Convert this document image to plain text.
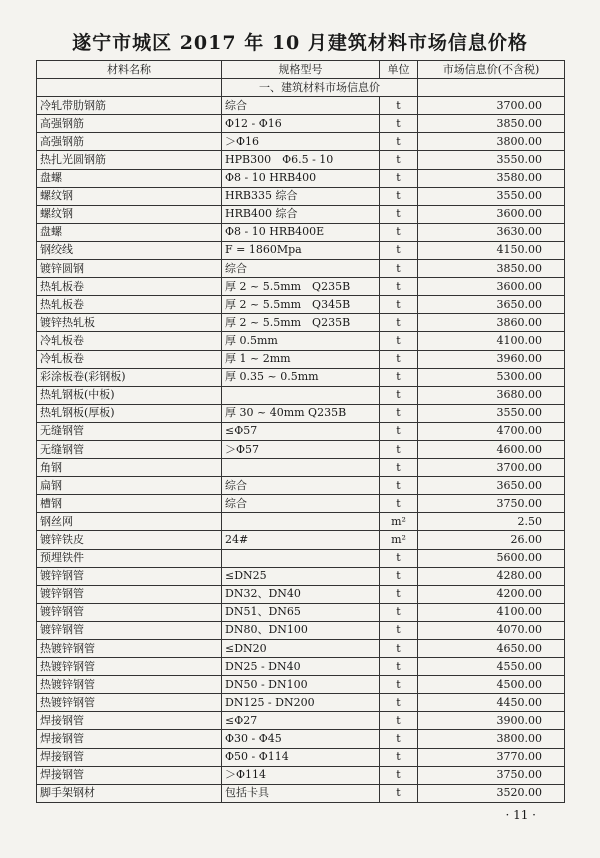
遂宁市城区 2017 年 10 月建筑材料市场信息价格
材料名称	规格型号	单位	市场信息价(不含税)
	一、建筑材料市场信息价		
冷轧带肋钢筋	综合	t	3700.00
高强钢筋	Φ12 - Φ16	t	3850.00
高强钢筋	＞Φ16	t	3800.00
热扎光圆钢筋	HPB300　Φ6.5 - 10	t	3550.00
盘螺	Φ8 - 10 HRB400	t	3580.00
螺纹钢	HRB335 综合	t	3550.00
螺纹钢	HRB400 综合	t	3600.00
盘螺	Φ8 - 10 HRB400E	t	3630.00
钢绞线	F = 1860Mpa	t	4150.00
镀锌圆钢	综合	t	3850.00
热轧板卷	厚 2 ~ 5.5mm　Q235B	t	3600.00
热轧板卷	厚 2 ~ 5.5mm　Q345B	t	3650.00
镀锌热轧板	厚 2 ~ 5.5mm　Q235B	t	3860.00
冷轧板卷	厚 0.5mm	t	4100.00
冷轧板卷	厚 1 ~ 2mm	t	3960.00
彩涂板卷(彩钢板)	厚 0.35 ~ 0.5mm	t	5300.00
热轧钢板(中板)		t	3680.00
热轧钢板(厚板)	厚 30 ~ 40mm Q235B	t	3550.00
无缝钢管	≤Φ57	t	4700.00
无缝钢管	＞Φ57	t	4600.00
角钢		t	3700.00
扁钢	综合	t	3650.00
槽钢	综合	t	3750.00
钢丝网		m²	2.50
镀锌铁皮	24#	m²	26.00
预埋铁件		t	5600.00
镀锌钢管	≤DN25	t	4280.00
镀锌钢管	DN32、DN40	t	4200.00
镀锌钢管	DN51、DN65	t	4100.00
镀锌钢管	DN80、DN100	t	4070.00
热镀锌钢管	≤DN20	t	4650.00
热镀锌钢管	DN25 - DN40	t	4550.00
热镀锌钢管	DN50 - DN100	t	4500.00
热镀锌钢管	DN125 - DN200	t	4450.00
焊接钢管	≤Φ27	t	3900.00
焊接钢管	Φ30 - Φ45	t	3800.00
焊接钢管	Φ50 - Φ114	t	3770.00
焊接钢管	＞Φ114	t	3750.00
脚手架钢材	包括卡具	t	3520.00
· 11 ·
